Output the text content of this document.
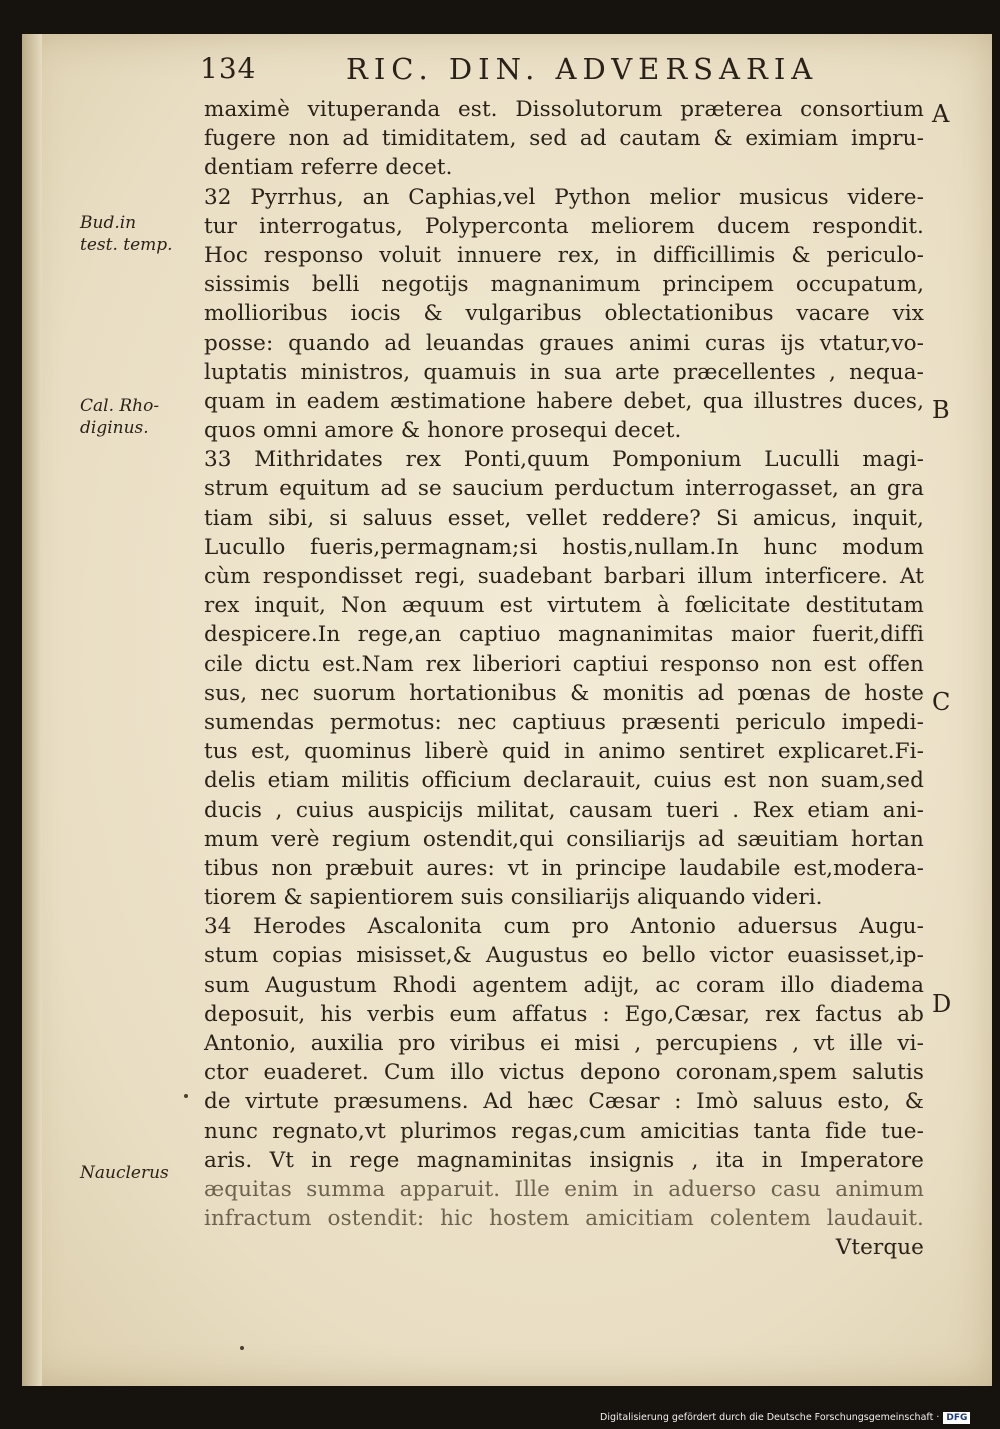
134	RIC. DIN. ADVERSARIA
maximè vituperanda est. Dissolutorum præterea consortium
fugere non ad timiditatem, sed ad cautam & eximiam impru-
dentiam referre decet.
32 Pyrrhus, an Caphias,vel Python melior musicus videre-
tur interrogatus, Polyperconta meliorem ducem respondit.
Hoc responso voluit innuere rex, in difficillimis & periculo-
sissimis belli negotijs magnanimum principem occupatum,
mollioribus iocis & vulgaribus oblectationibus vacare vix
posse: quando ad leuandas graues animi curas ijs vtatur,vo-
luptatis ministros, quamuis in sua arte præcellentes , nequa-
quam in eadem æstimatione habere debet, qua illustres duces,
quos omni amore & honore prosequi decet.
33 Mithridates rex Ponti,quum Pomponium Luculli magi-
strum equitum ad se saucium perductum interrogasset, an gra
tiam sibi, si saluus esset, vellet reddere? Si amicus, inquit,
Lucullo fueris,permagnam;si hostis,nullam.In hunc modum
cùm respondisset regi, suadebant barbari illum interficere. At
rex inquit, Non æquum est virtutem à fœlicitate destitutam
despicere.In rege,an captiuo magnanimitas maior fuerit,diffi
cile dictu est.Nam rex liberiori captiui responso non est offen
sus, nec suorum hortationibus & monitis ad pœnas de hoste
sumendas permotus: nec captiuus præsenti periculo impedi-
tus est, quominus liberè quid in animo sentiret explicaret.Fi-
delis etiam militis officium declarauit, cuius est non suam,sed
ducis , cuius auspicijs militat, causam tueri . Rex etiam ani-
mum verè regium ostendit,qui consiliarijs ad sæuitiam hortan
tibus non præbuit aures: vt in principe laudabile est,modera-
tiorem & sapientiorem suis consiliarijs aliquando videri.
34 Herodes Ascalonita cum pro Antonio aduersus Augu-
stum copias misisset,& Augustus eo bello victor euasisset,ip-
sum Augustum Rhodi agentem adijt, ac coram illo diadema
deposuit, his verbis eum affatus : Ego,Cæsar, rex factus ab
Antonio, auxilia pro viribus ei misi , percupiens , vt ille vi-
ctor euaderet. Cum illo victus depono coronam,spem salutis
de virtute præsumens. Ad hæc Cæsar : Imò saluus esto, &
nunc regnato,vt plurimos regas,cum amicitias tanta fide tue-
aris. Vt in rege magnaminitas insignis , ita in Imperatore
æquitas summa apparuit. Ille enim in aduerso casu animum
infractum ostendit: hic hostem amicitiam colentem laudauit.
Vterque
Bud.in
test. temp.
Cal. Rho-
diginus.
Nauclerus
A
B
C
D
Digitalisierung gefördert durch die Deutsche Forschungsgemeinschaft · DFG
